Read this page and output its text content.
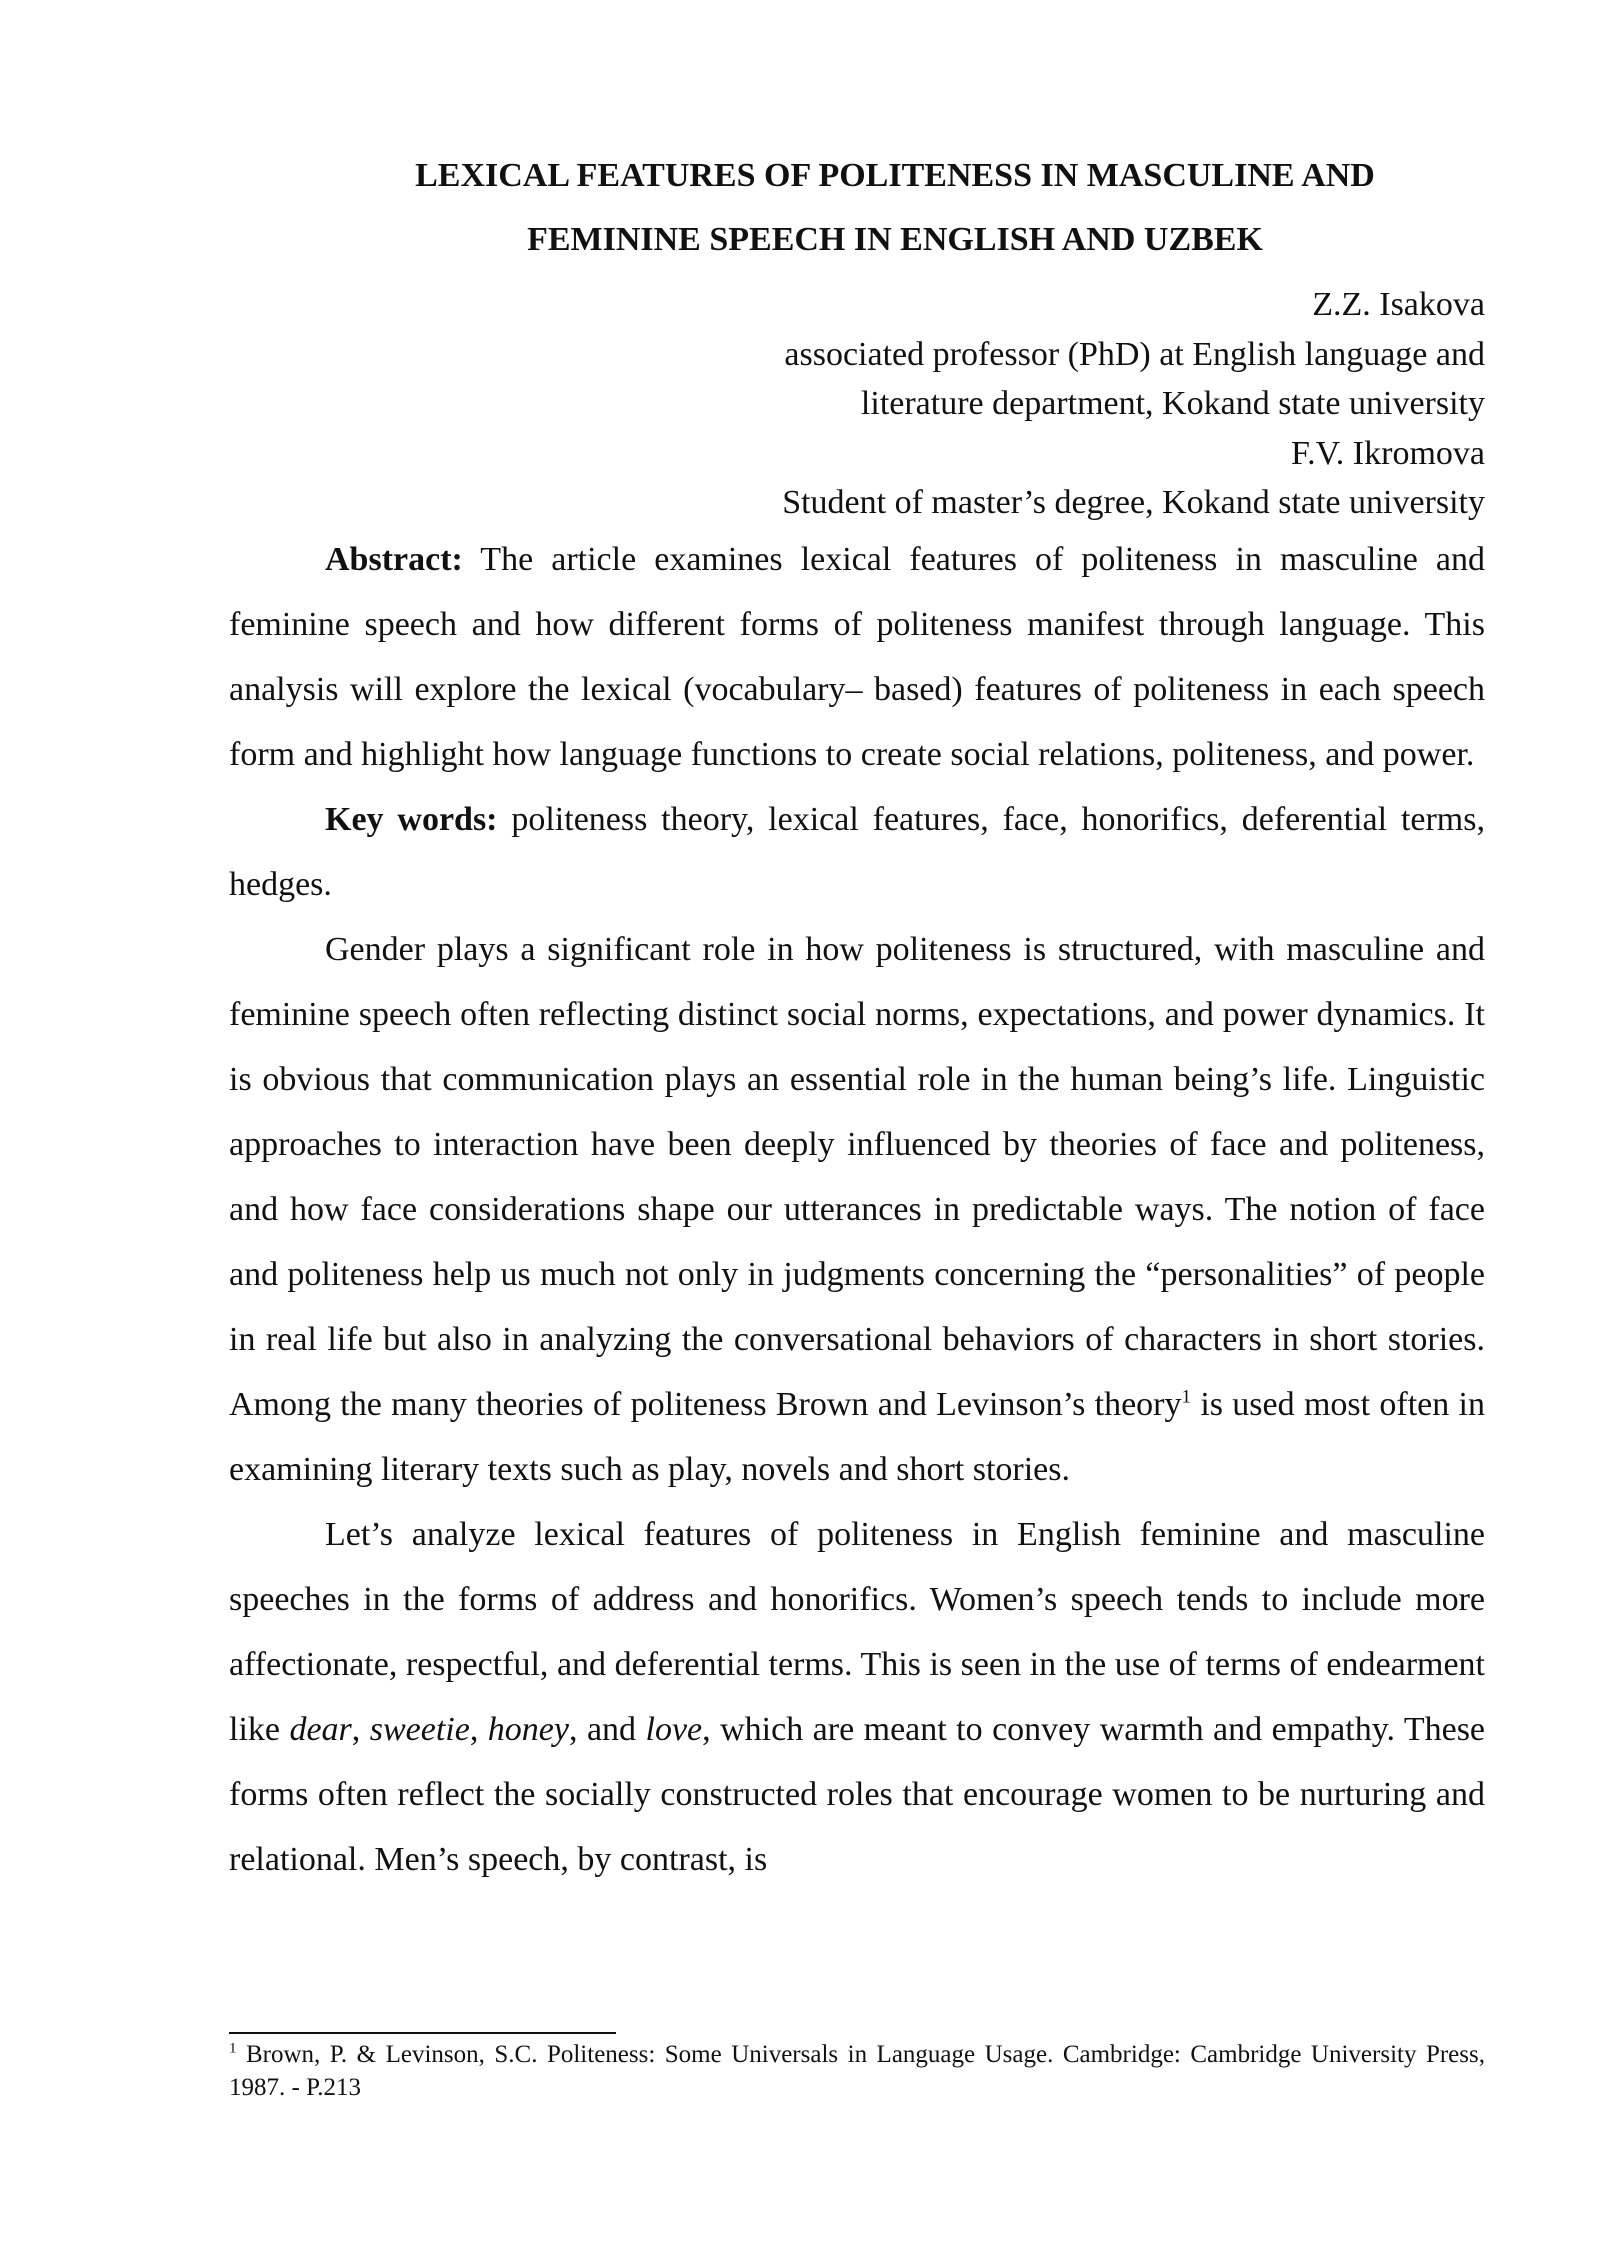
LEXICAL FEATURES OF POLITENESS IN MASCULINE AND
FEMININE SPEECH IN ENGLISH AND UZBEK
Z.Z. Isakova
associated professor (PhD) at English language and
literature department, Kokand state university
F.V. Ikromova
Student of master’s degree, Kokand state university

Abstract: The article examines lexical features of politeness in masculine and feminine speech and how different forms of politeness manifest through language. This analysis will explore the lexical (vocabulary– based) features of politeness in each speech form and highlight how language functions to create social relations, politeness, and power.

Key words: politeness theory, lexical features, face, honorifics, deferential terms, hedges.

Gender plays a significant role in how politeness is structured, with masculine and feminine speech often reflecting distinct social norms, expectations, and power dynamics. It is obvious that communication plays an essential role in the human being’s life. Linguistic approaches to interaction have been deeply influenced by theories of face and politeness, and how face considerations shape our utterances in predictable ways. The notion of face and politeness help us much not only in judgments concerning the “personalities” of people in real life but also in analyzing the conversational behaviors of characters in short stories. Among the many theories of politeness Brown and Levinson’s theory$^1$ is used most often in examining literary texts such as play, novels and short stories.

Let’s analyze lexical features of politeness in English feminine and masculine speeches in the forms of address and honorifics. Women’s speech tends to include more affectionate, respectful, and deferential terms. This is seen in the use of terms of endearment like dear, sweetie, honey, and love, which are meant to convey warmth and empathy. These forms often reflect the socially constructed roles that encourage women to be nurturing and relational. Men’s speech, by contrast, is

$^1$ Brown, P. & Levinson, S.C. Politeness: Some Universals in Language Usage. Cambridge: Cambridge University Press, 1987. - P.213
